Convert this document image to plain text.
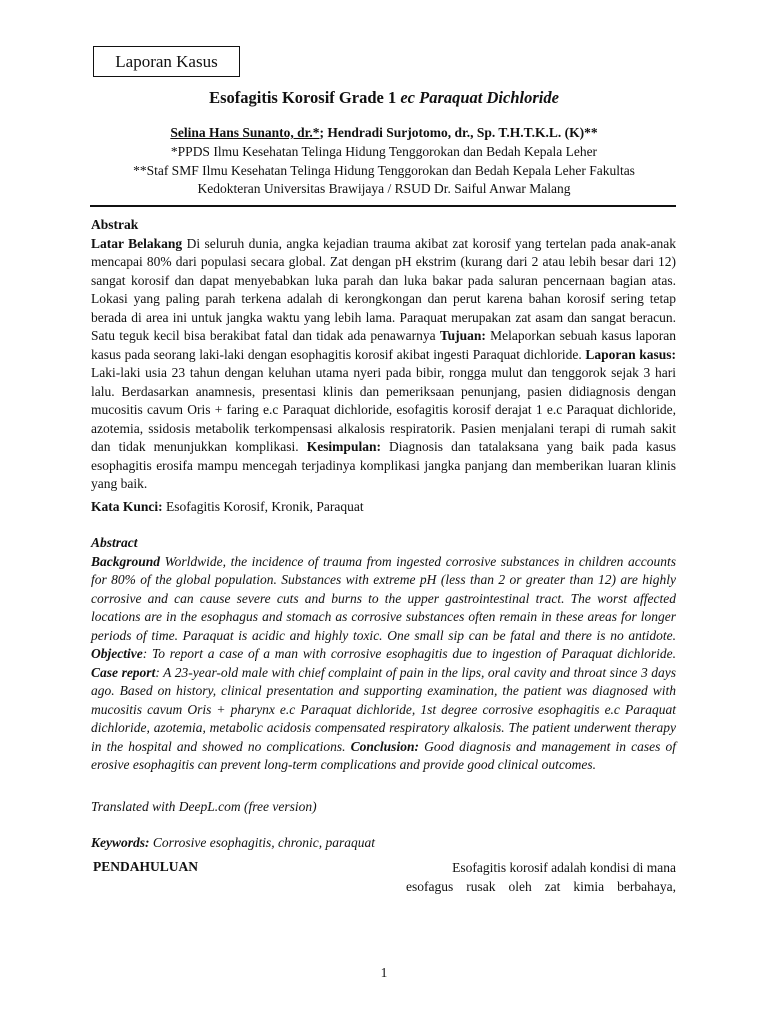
Laporan Kasus
Esofagitis Korosif Grade 1 ec Paraquat Dichloride
Selina Hans Sunanto, dr.*; Hendradi Surjotomo, dr., Sp. T.H.T.K.L. (K)**
*PPDS Ilmu Kesehatan Telinga Hidung Tenggorokan dan Bedah Kepala Leher
**Staf SMF Ilmu Kesehatan Telinga Hidung Tenggorokan dan Bedah Kepala Leher Fakultas
Kedokteran Universitas Brawijaya / RSUD Dr. Saiful Anwar Malang

Abstrak

Latar Belakang Di seluruh dunia, angka kejadian trauma akibat zat korosif yang tertelan pada anak-anak mencapai 80% dari populasi secara global. Zat dengan pH ekstrim (kurang dari 2 atau lebih besar dari 12) sangat korosif dan dapat menyebabkan luka parah dan luka bakar pada saluran pencernaan bagian atas. Lokasi yang paling parah terkena adalah di kerongkongan dan perut karena bahan korosif sering tetap berada di area ini untuk jangka waktu yang lebih lama. Paraquat merupakan zat asam dan sangat beracun. Satu teguk kecil bisa berakibat fatal dan tidak ada penawarnya Tujuan: Melaporkan sebuah kasus laporan kasus pada seorang laki-laki dengan esophagitis korosif akibat ingesti Paraquat dichloride. Laporan kasus: Laki-laki usia 23 tahun dengan keluhan utama nyeri pada bibir, rongga mulut dan tenggorok sejak 3 hari lalu. Berdasarkan anamnesis, presentasi klinis dan pemeriksaan penunjang, pasien didiagnosis dengan mucositis cavum Oris + faring e.c Paraquat dichloride, esofagitis korosif derajat 1 e.c Paraquat dichloride, azotemia, ssidosis metabolik terkompensasi alkalosis respiratorik. Pasien menjalani terapi di rumah sakit dan tidak menunjukkan komplikasi. Kesimpulan: Diagnosis dan tatalaksana yang baik pada kasus esophagitis erosifa mampu mencegah terjadinya komplikasi jangka panjang dan memberikan luaran klinis yang baik.

Kata Kunci: Esofagitis Korosif, Kronik, Paraquat

Abstract

Background Worldwide, the incidence of trauma from ingested corrosive substances in children accounts for 80% of the global population. Substances with extreme pH (less than 2 or greater than 12) are highly corrosive and can cause severe cuts and burns to the upper gastrointestinal tract. The worst affected locations are in the esophagus and stomach as corrosive substances often remain in these areas for longer periods of time. Paraquat is acidic and highly toxic. One small sip can be fatal and there is no antidote. Objective: To report a case of a man with corrosive esophagitis due to ingestion of Paraquat dichloride. Case report: A 23-year-old male with chief complaint of pain in the lips, oral cavity and throat since 3 days ago. Based on history, clinical presentation and supporting examination, the patient was diagnosed with mucositis cavum Oris + pharynx e.c Paraquat dichloride, 1st degree corrosive esophagitis e.c Paraquat dichloride, azotemia, metabolic acidosis compensated respiratory alkalosis. The patient underwent therapy in the hospital and showed no complications. Conclusion: Good diagnosis and management in cases of erosive esophagitis can prevent long-term complications and provide good clinical outcomes.

Translated with DeepL.com (free version)
Keywords: Corrosive esophagitis, chronic, paraquat
PENDAHULUAN	Esofagitis korosif adalah kondisi di mana
esofagus rusak oleh zat kimia berbahaya,
1
